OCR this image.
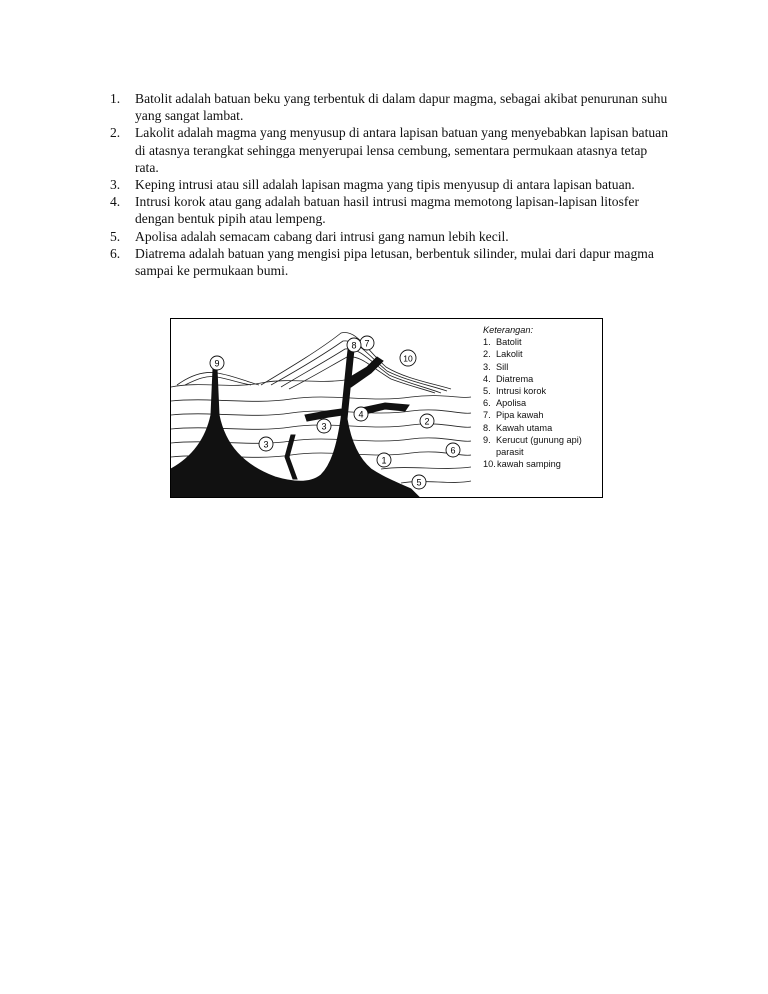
1. Batolit adalah batuan beku yang terbentuk di dalam dapur magma, sebagai akibat penurunan suhu yang sangat lambat.
2. Lakolit adalah magma yang menyusup di antara lapisan batuan yang menyebabkan lapisan batuan di atasnya terangkat sehingga menyerupai lensa cembung, sementara permukaan atasnya tetap rata.
3. Keping intrusi atau sill adalah lapisan magma yang tipis menyusup di antara lapisan batuan.
4. Intrusi korok atau gang adalah batuan hasil intrusi magma memotong lapisan-lapisan litosfer dengan bentuk pipih atau lempeng.
5. Apolisa adalah semacam cabang dari intrusi gang namun lebih kecil.
6. Diatrema adalah batuan yang mengisi pipa letusan, berbentuk silinder, mulai dari dapur magma sampai ke permukaan bumi.
1
2
3
3
4
5
6
7
8
9	10
Keterangan:
1. Batolit
2. Lakolit
3. Sill
4. Diatrema
5. Intrusi korok
6. Apolisa
7. Pipa kawah
8. Kawah utama
9. Kerucut (gunung api) parasit
10. kawah samping
